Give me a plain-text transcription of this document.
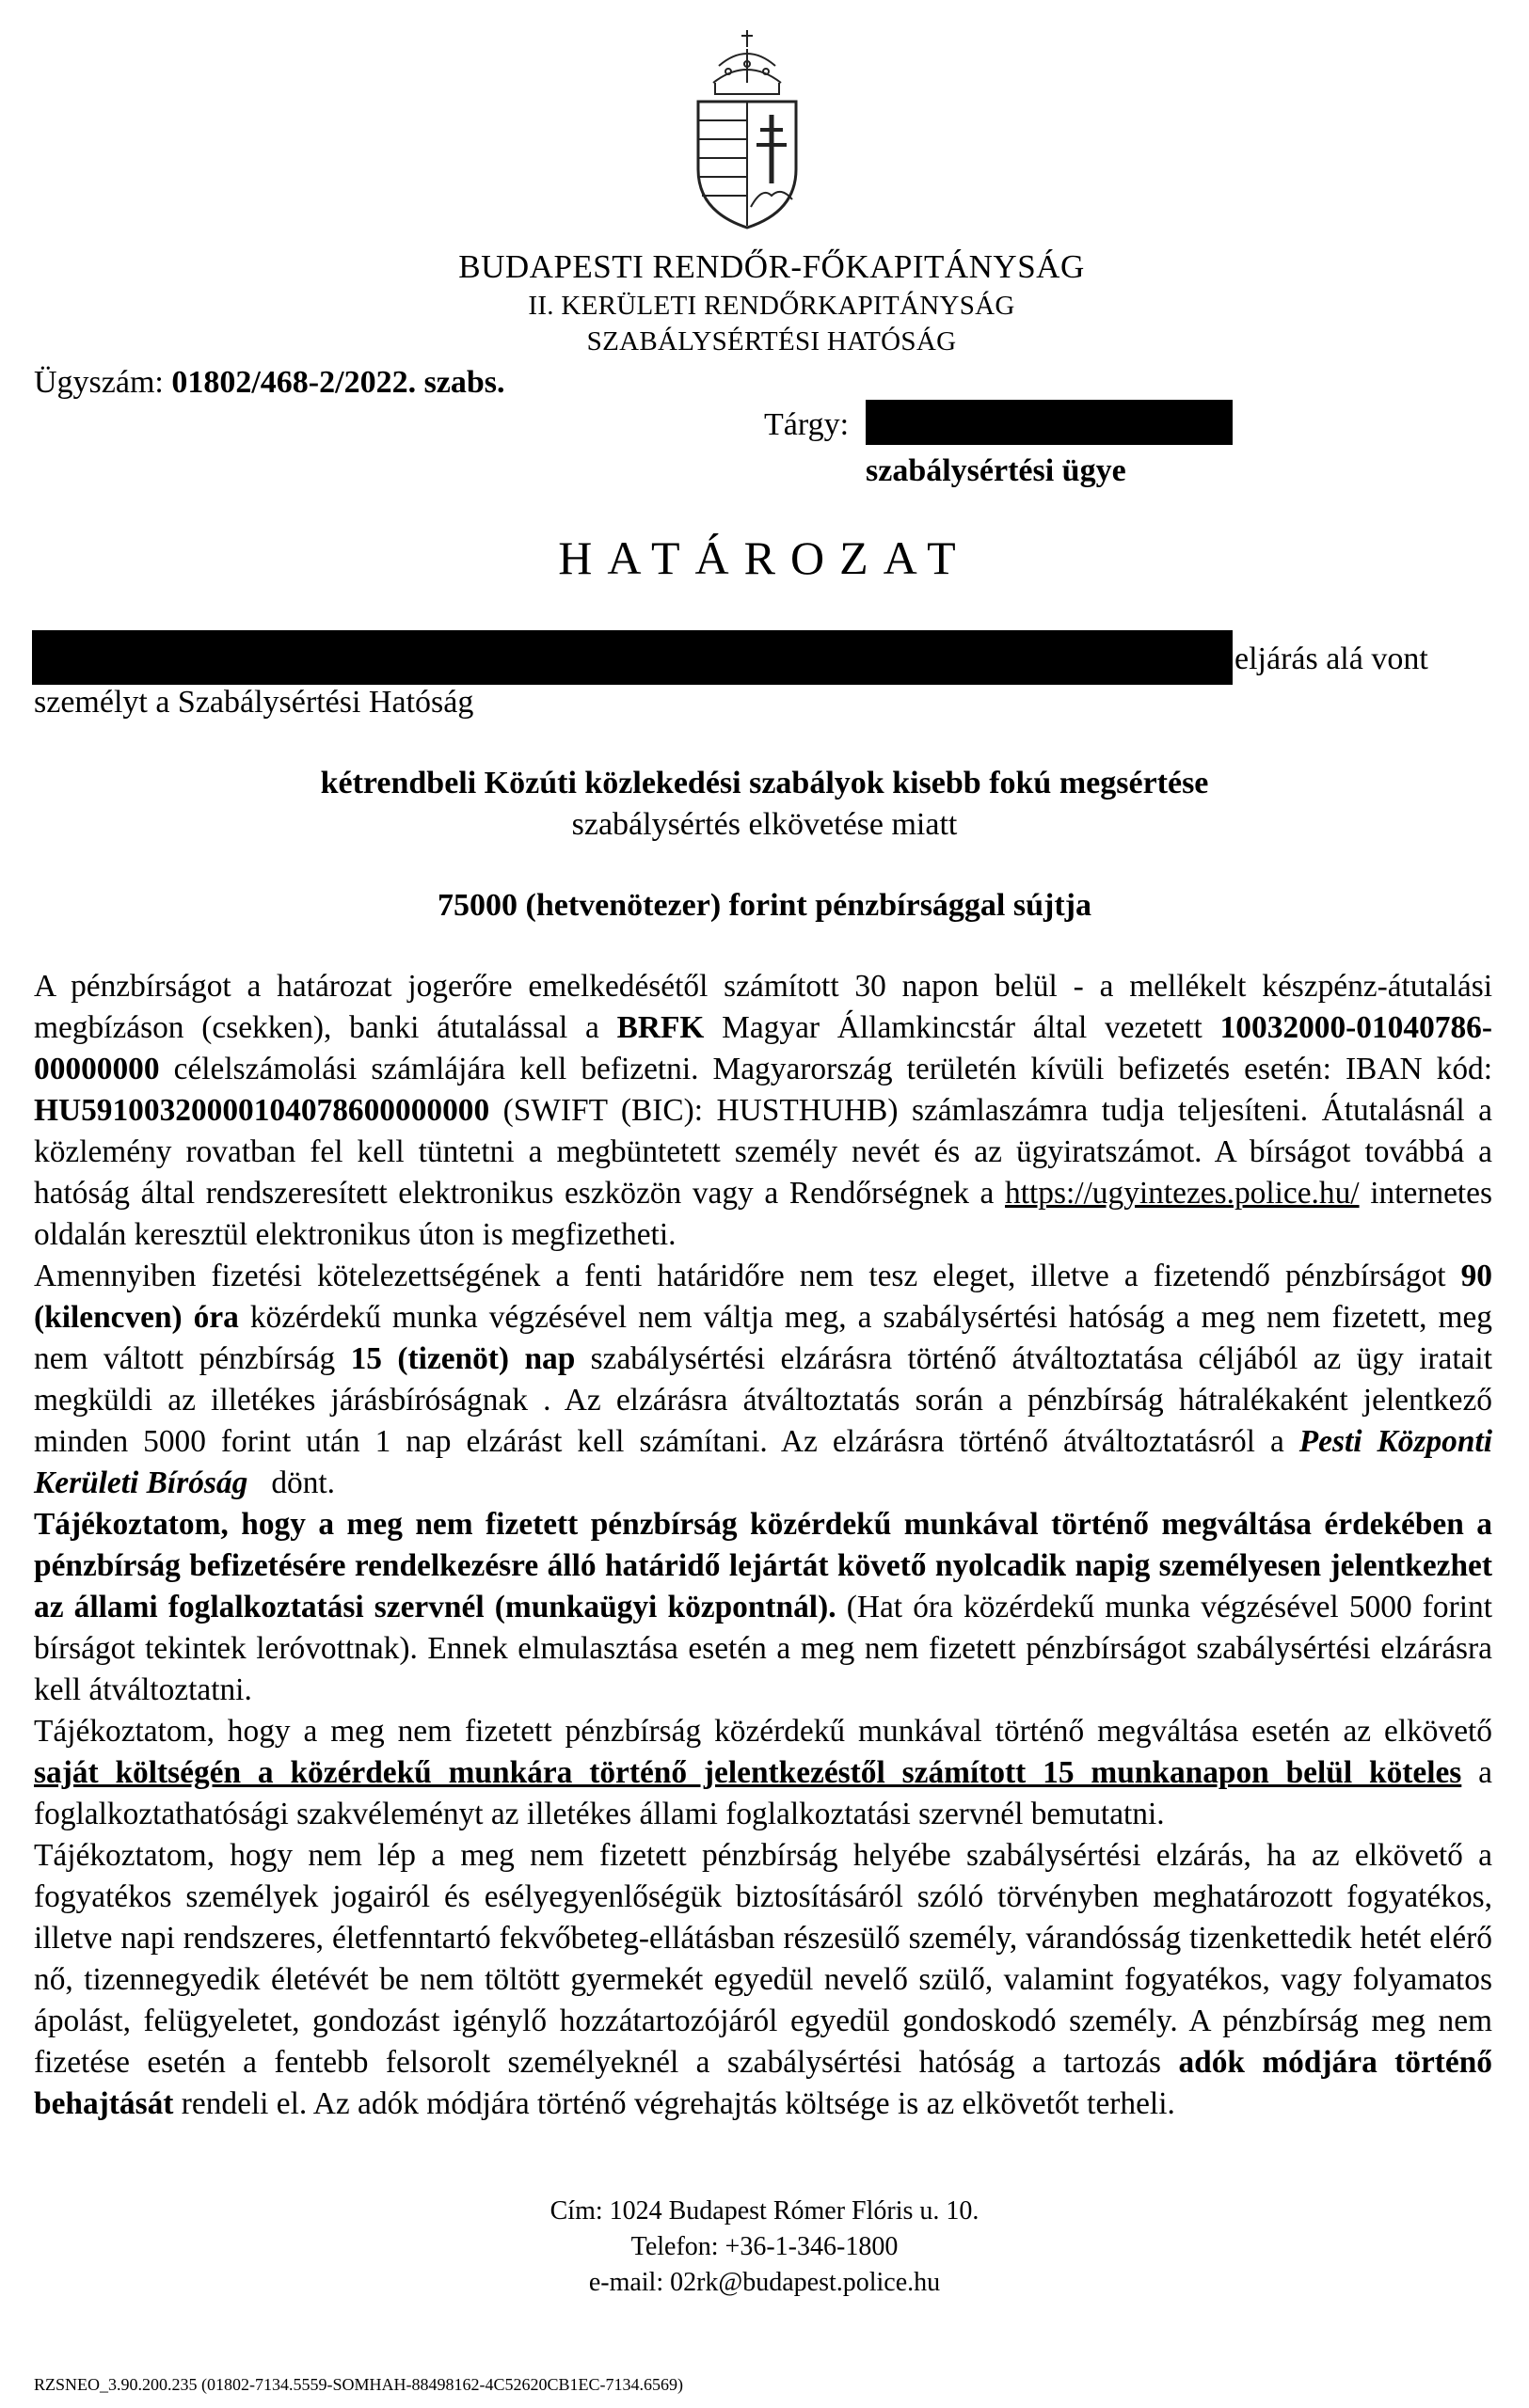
BUDAPESTI RENDŐR-FŐKAPITÁNYSÁG
II. KERÜLETI RENDŐRKAPITÁNYSÁG
SZABÁLYSÉRTÉSI HATÓSÁG
Ügyszám: 01802/468-2/2022. szabs.
Tárgy:
szabálysértési ügye
HATÁROZAT
eljárás alá vont
személyt a Szabálysértési Hatóság
kétrendbeli Közúti közlekedési szabályok kisebb fokú megsértése
szabálysértés elkövetése miatt
75000 (hetvenötezer) forint pénzbírsággal sújtja

A pénzbírságot a határozat jogerőre emelkedésétől számított 30 napon belül - a mellékelt készpénz-átutalási megbízáson (csekken), banki átutalással a BRFK Magyar Államkincstár által vezetett 10032000-01040786-00000000 célelszámolási számlájára kell befizetni. Magyarország területén kívüli befizetés esetén: IBAN kód: HU59100320000104078600000000 (SWIFT (BIC): HUSTHUHB) számlaszámra tudja teljesíteni. Átutalásnál a közlemény rovatban fel kell tüntetni a megbüntetett személy nevét és az ügyiratszámot. A bírságot továbbá a hatóság által rendszeresített elektronikus eszközön vagy a Rendőrségnek a https://ugyintezes.police.hu/ internetes oldalán keresztül elektronikus úton is megfizetheti.

Amennyiben fizetési kötelezettségének a fenti határidőre nem tesz eleget, illetve a fizetendő pénzbírságot 90 (kilencven) óra közérdekű munka végzésével nem váltja meg, a szabálysértési hatóság a meg nem fizetett, meg nem váltott pénzbírság 15 (tizenöt) nap szabálysértési elzárásra történő átváltoztatása céljából az ügy iratait megküldi az illetékes járásbíróságnak . Az elzárásra átváltoztatás során a pénzbírság hátralékaként jelentkező minden 5000 forint után 1 nap elzárást kell számítani. Az elzárásra történő átváltoztatásról a Pesti Központi Kerületi Bíróság   dönt.

Tájékoztatom, hogy a meg nem fizetett pénzbírság közérdekű munkával történő megváltása érdekében a pénzbírság befizetésére rendelkezésre álló határidő lejártát követő nyolcadik napig személyesen jelentkezhet az állami foglalkoztatási szervnél (munkaügyi központnál). (Hat óra közérdekű munka végzésével 5000 forint bírságot tekintek leróvottnak). Ennek elmulasztása esetén a meg nem fizetett pénzbírságot szabálysértési elzárásra kell átváltoztatni.

Tájékoztatom, hogy a meg nem fizetett pénzbírság közérdekű munkával történő megváltása esetén az elkövető saját költségén a közérdekű munkára történő jelentkezéstől számított 15 munkanapon belül köteles a foglalkoztathatósági szakvéleményt az illetékes állami foglalkoztatási szervnél bemutatni.

Tájékoztatom, hogy nem lép a meg nem fizetett pénzbírság helyébe szabálysértési elzárás, ha az elkövető a fogyatékos személyek jogairól és esélyegyenlőségük biztosításáról szóló törvényben meghatározott fogyatékos, illetve napi rendszeres, életfenntartó fekvőbeteg-ellátásban részesülő személy, várandósság tizenkettedik hetét elérő nő, tizennegyedik életévét be nem töltött gyermekét egyedül nevelő szülő, valamint fogyatékos, vagy folyamatos ápolást, felügyeletet, gondozást igénylő hozzátartozójáról egyedül gondoskodó személy. A pénzbírság meg nem fizetése esetén a fentebb felsorolt személyeknél a szabálysértési hatóság a tartozás adók módjára történő behajtását rendeli el. Az adók módjára történő végrehajtás költsége is az elkövetőt terheli.

Cím: 1024 Budapest Rómer Flóris u. 10.
Telefon: +36-1-346-1800
e-mail: 02rk@budapest.police.hu
RZSNEO_3.90.200.235 (01802-7134.5559-SOMHAH-88498162-4C52620CB1EC-7134.6569)
